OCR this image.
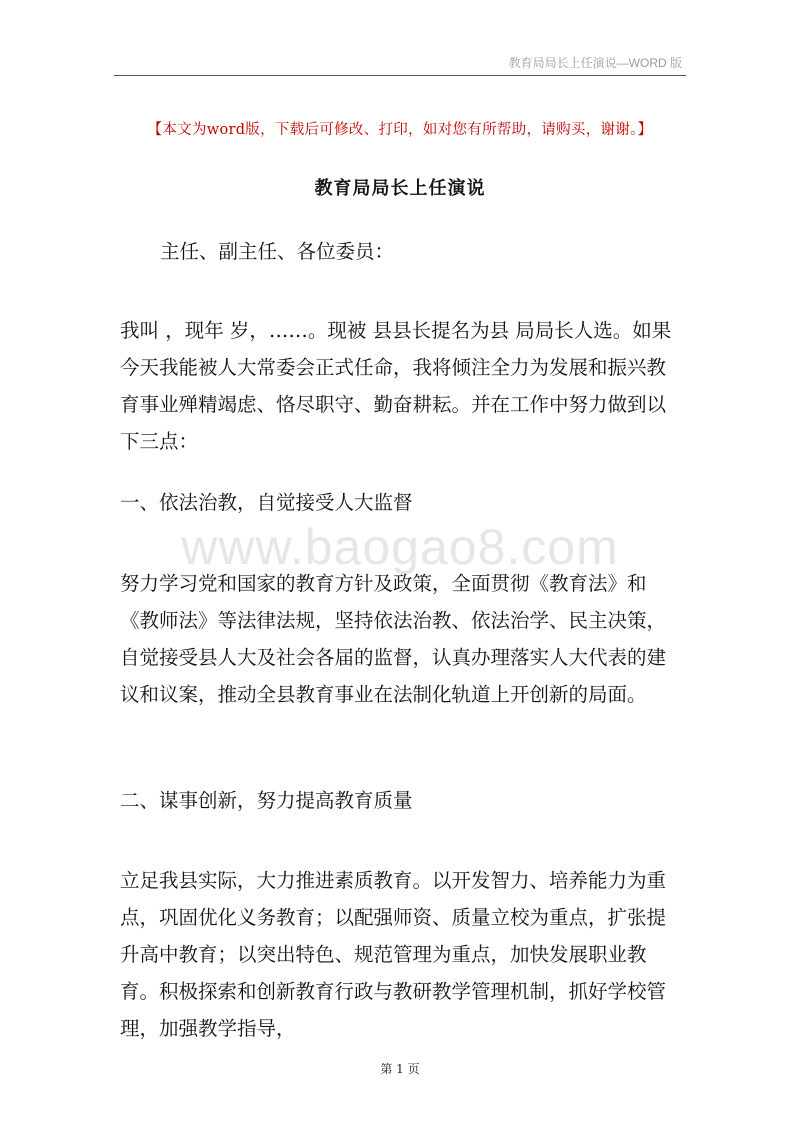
教育局局长上任演说—WORD 版
【本文为word版，下载后可修改、打印，如对您有所帮助，请购买，谢谢。】
教育局局长上任演说
主任、副主任、各位委员：

我叫 ，现年 岁，……。现被 县县长提名为县 局局长人选。如果今天我能被人大常委会正式任命，我将倾注全力为发展和振兴教育事业殚精竭虑、恪尽职守、勤奋耕耘。并在工作中努力做到以下三点：

一、依法治教，自觉接受人大监督

www.baogao8.com

努力学习党和国家的教育方针及政策，全面贯彻《教育法》和《教师法》等法律法规，坚持依法治教、依法治学、民主决策，自觉接受县人大及社会各届的监督，认真办理落实人大代表的建议和议案，推动全县教育事业在法制化轨道上开创新的局面。

二、谋事创新，努力提高教育质量

立足我县实际，大力推进素质教育。以开发智力、培养能力为重点，巩固优化义务教育；以配强师资、质量立校为重点，扩张提升高中教育；以突出特色、规范管理为重点，加快发展职业教育。积极探索和创新教育行政与教研教学管理机制，抓好学校管理，加强教学指导，

第 1 页
